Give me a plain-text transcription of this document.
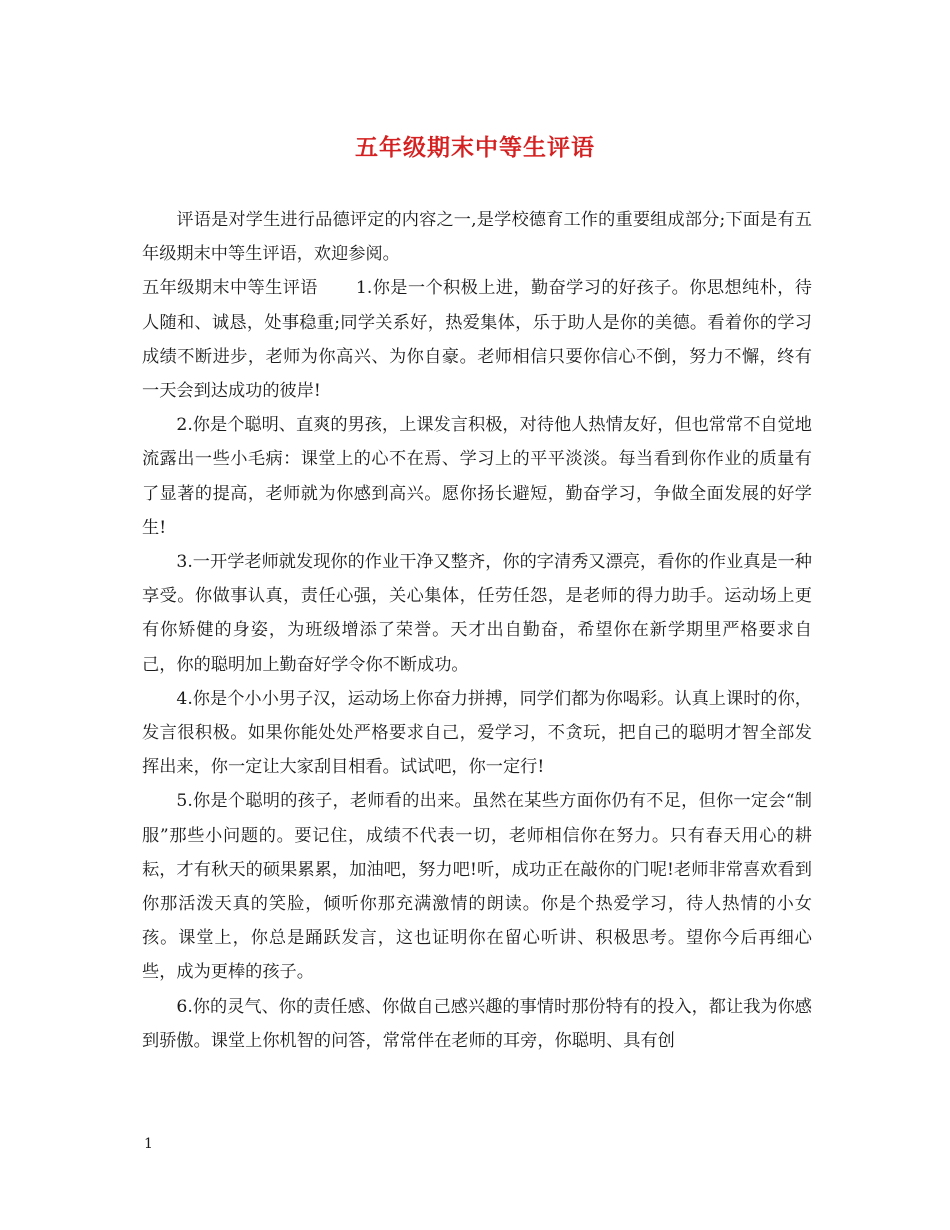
五年级期末中等生评语

评语是对学生进行品德评定的内容之一,是学校德育工作的重要组成部分;下面是有五年级期末中等生评语，欢迎参阅。

五年级期末中等生评语 1.你是一个积极上进，勤奋学习的好孩子。你思想纯朴，待人随和、诚恳，处事稳重;同学关系好，热爱集体，乐于助人是你的美德。看着你的学习成绩不断进步，老师为你高兴、为你自豪。老师相信只要你信心不倒，努力不懈，终有一天会到达成功的彼岸!

2.你是个聪明、直爽的男孩，上课发言积极，对待他人热情友好，但也常常不自觉地流露出一些小毛病：课堂上的心不在焉、学习上的平平淡淡。每当看到你作业的质量有了显著的提高，老师就为你感到高兴。愿你扬长避短，勤奋学习，争做全面发展的好学生!

3.一开学老师就发现你的作业干净又整齐，你的字清秀又漂亮，看你的作业真是一种享受。你做事认真，责任心强，关心集体，任劳任怨，是老师的得力助手。运动场上更有你矫健的身姿，为班级增添了荣誉。天才出自勤奋，希望你在新学期里严格要求自己，你的聪明加上勤奋好学令你不断成功。

4.你是个小小男子汉，运动场上你奋力拼搏，同学们都为你喝彩。认真上课时的你，发言很积极。如果你能处处严格要求自己，爱学习，不贪玩，把自己的聪明才智全部发挥出来，你一定让大家刮目相看。试试吧，你一定行!

5.你是个聪明的孩子，老师看的出来。虽然在某些方面你仍有不足，但你一定会“制服”那些小问题的。要记住，成绩不代表一切，老师相信你在努力。只有春天用心的耕耘，才有秋天的硕果累累，加油吧，努力吧!听，成功正在敲你的门呢!老师非常喜欢看到你那活泼天真的笑脸，倾听你那充满激情的朗读。你是个热爱学习，待人热情的小女孩。课堂上，你总是踊跃发言，这也证明你在留心听讲、积极思考。望你今后再细心些，成为更棒的孩子。

6.你的灵气、你的责任感、你做自己感兴趣的事情时那份特有的投入，都让我为你感到骄傲。课堂上你机智的问答，常常伴在老师的耳旁，你聪明、具有创

1
